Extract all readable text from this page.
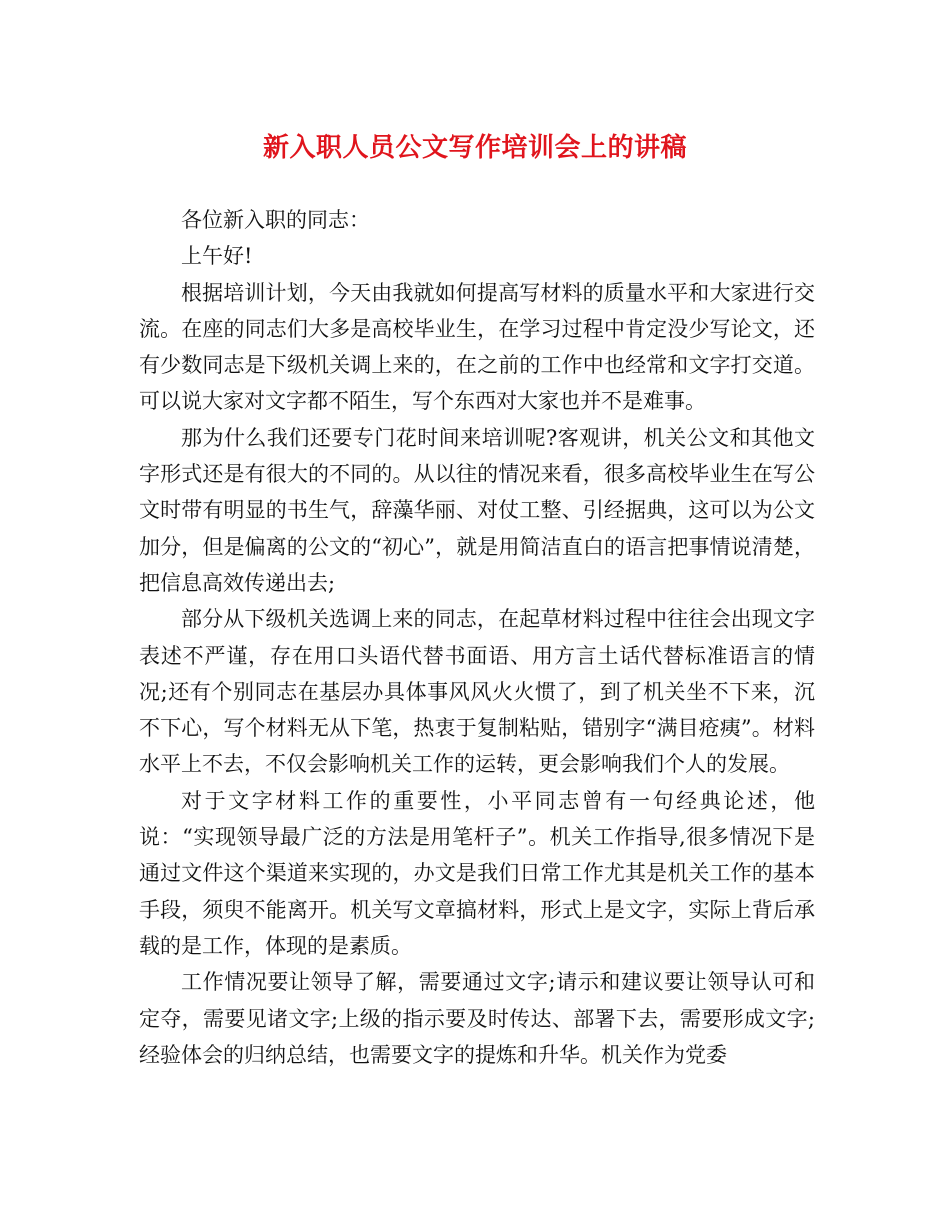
新入职人员公文写作培训会上的讲稿

各位新入职的同志：

上午好!

根据培训计划，今天由我就如何提高写材料的质量水平和大家进行交流。在座的同志们大多是高校毕业生，在学习过程中肯定没少写论文，还有少数同志是下级机关调上来的，在之前的工作中也经常和文字打交道。可以说大家对文字都不陌生，写个东西对大家也并不是难事。

那为什么我们还要专门花时间来培训呢?客观讲，机关公文和其他文字形式还是有很大的不同的。从以往的情况来看，很多高校毕业生在写公文时带有明显的书生气，辞藻华丽、对仗工整、引经据典，这可以为公文加分，但是偏离的公文的“初心”，就是用简洁直白的语言把事情说清楚，把信息高效传递出去;

部分从下级机关选调上来的同志，在起草材料过程中往往会出现文字表述不严谨，存在用口头语代替书面语、用方言土话代替标准语言的情况;还有个别同志在基层办具体事风风火火惯了，到了机关坐不下来，沉不下心，写个材料无从下笔，热衷于复制粘贴，错别字“满目疮痍”。材料水平上不去，不仅会影响机关工作的运转，更会影响我们个人的发展。

对于文字材料工作的重要性，小平同志曾有一句经典论述，他说：“实现领导最广泛的方法是用笔杆子”。机关工作指导,很多情况下是通过文件这个渠道来实现的，办文是我们日常工作尤其是机关工作的基本手段，须臾不能离开。机关写文章搞材料，形式上是文字，实际上背后承载的是工作，体现的是素质。

工作情况要让领导了解，需要通过文字;请示和建议要让领导认可和定夺，需要见诸文字;上级的指示要及时传达、部署下去，需要形成文字;经验体会的归纳总结，也需要文字的提炼和升华。机关作为党委
